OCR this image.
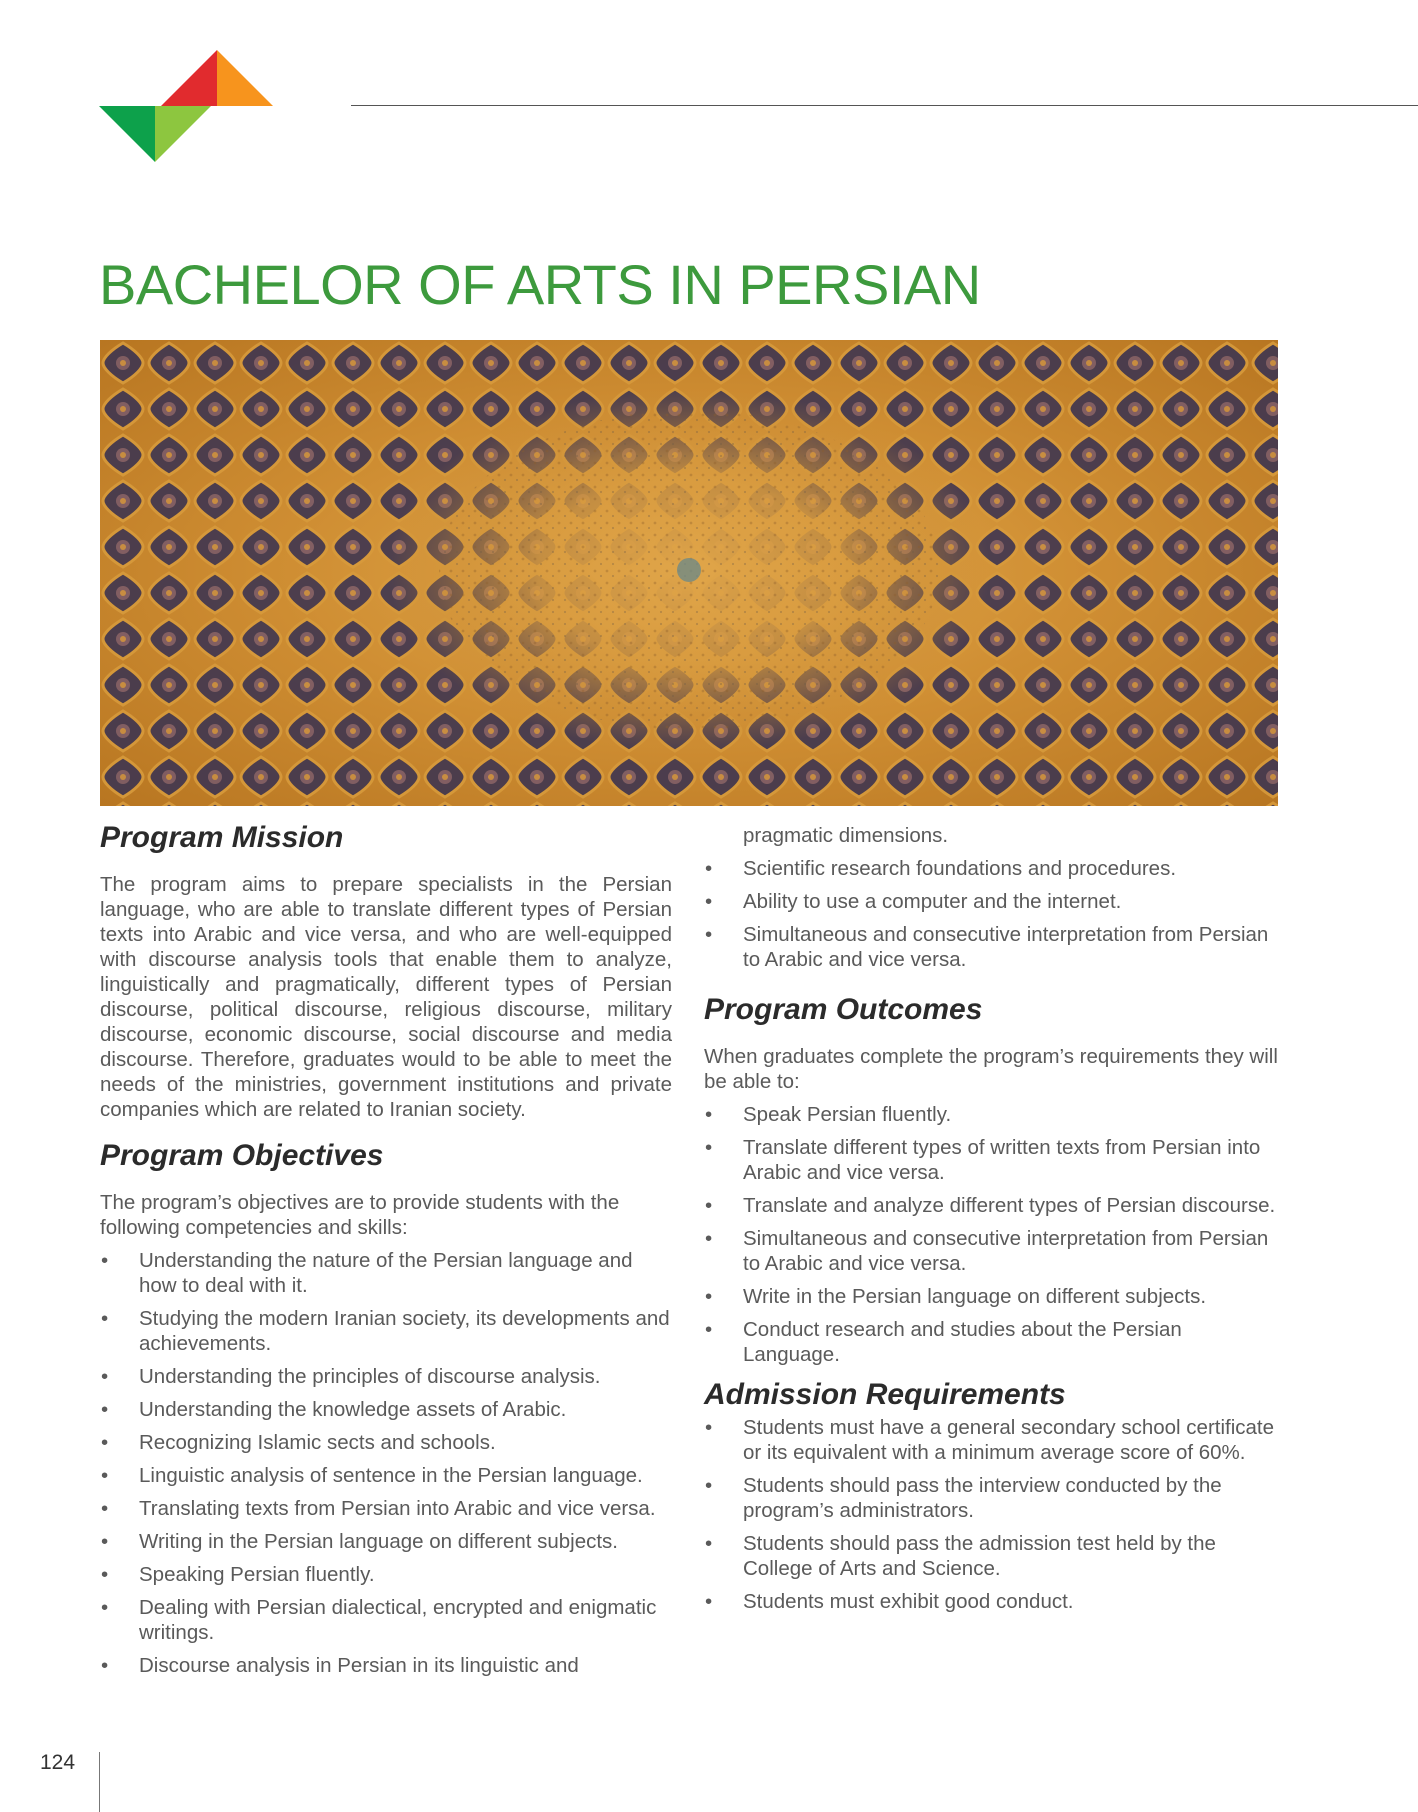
BACHELOR OF ARTS IN PERSIAN
Program Mission

The program aims to prepare specialists in the Persian language, who are able to translate different types of Persian texts into Arabic and vice versa, and who are well-equipped with discourse analysis tools that enable them to analyze, linguistically and pragmatically, different types of Persian discourse, political discourse, religious discourse, military discourse, economic discourse, social discourse and media discourse. Therefore, graduates would to be able to meet the needs of the ministries, government institutions and private companies which are related to Iranian society.

Program Objectives

The program’s objectives are to provide students with the following competencies and skills:

• Understanding the nature of the Persian language and how to deal with it.
• Studying the modern Iranian society, its developments and achievements.
• Understanding the principles of discourse analysis.
• Understanding the knowledge assets of Arabic.
• Recognizing Islamic sects and schools.
• Linguistic analysis of sentence in the Persian language.
• Translating texts from Persian into Arabic and vice versa.
• Writing in the Persian language on different subjects.
• Speaking Persian fluently.
• Dealing with Persian dialectical, encrypted and enigmatic writings.
• Discourse analysis in Persian in its linguistic and
pragmatic dimensions.
• Scientific research foundations and procedures.
• Ability to use a computer and the internet.
• Simultaneous and consecutive interpretation from Persian to Arabic and vice versa.
Program Outcomes

When graduates complete the program’s requirements they will be able to:

• Speak Persian fluently.
• Translate different types of written texts from Persian into Arabic and vice versa.
• Translate and analyze different types of Persian discourse.
• Simultaneous and consecutive interpretation from Persian to Arabic and vice versa.
• Write in the Persian language on different subjects.
• Conduct research and studies about the Persian Language.
Admission Requirements
• Students must have a general secondary school certificate or its equivalent with a minimum average score of 60%.
• Students should pass the interview conducted by the program’s administrators.
• Students should pass the admission test held by the College of Arts and Science.
• Students must exhibit good conduct.
124
